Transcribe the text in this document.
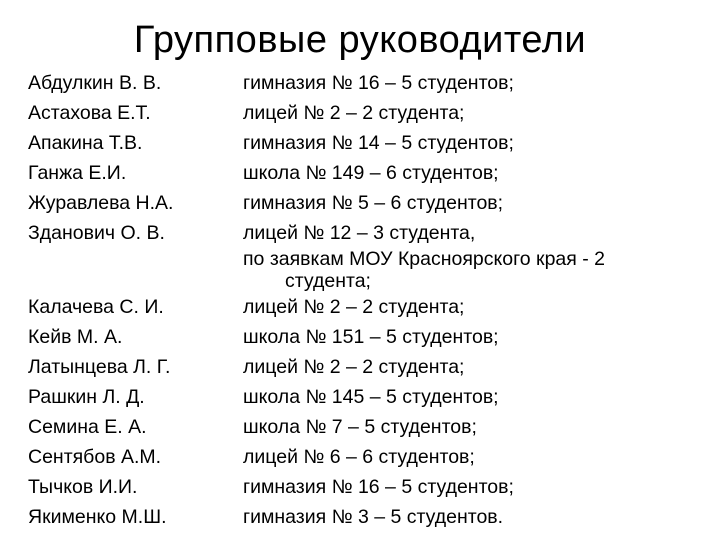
Групповые руководители
Абдулкин В. В.
Астахова Е.Т.
Апакина Т.В.
Ганжа Е.И.
Журавлева Н.А.
Зданович О. В.
Калачева С. И.
Кейв М. А.
Латынцева Л. Г.
Рашкин Л. Д.
Семина Е. А.
Сентябов А.М.
Тычков И.И.
Якименко М.Ш.
гимназия № 16 – 5 студентов;
лицей № 2 – 2 студента;
гимназия № 14 – 5 студентов;
школа № 149 – 6 студентов;
гимназия № 5 – 6 студентов;
лицей № 12 – 3 студента,
по заявкам МОУ Красноярского края - 2
студента;
лицей № 2 – 2 студента;
школа № 151 – 5 студентов;
лицей № 2 – 2 студента;
школа № 145 – 5 студентов;
школа № 7 – 5 студентов;
лицей № 6 – 6 студентов;
гимназия № 16 – 5 студентов;
гимназия № 3 – 5 студентов.
